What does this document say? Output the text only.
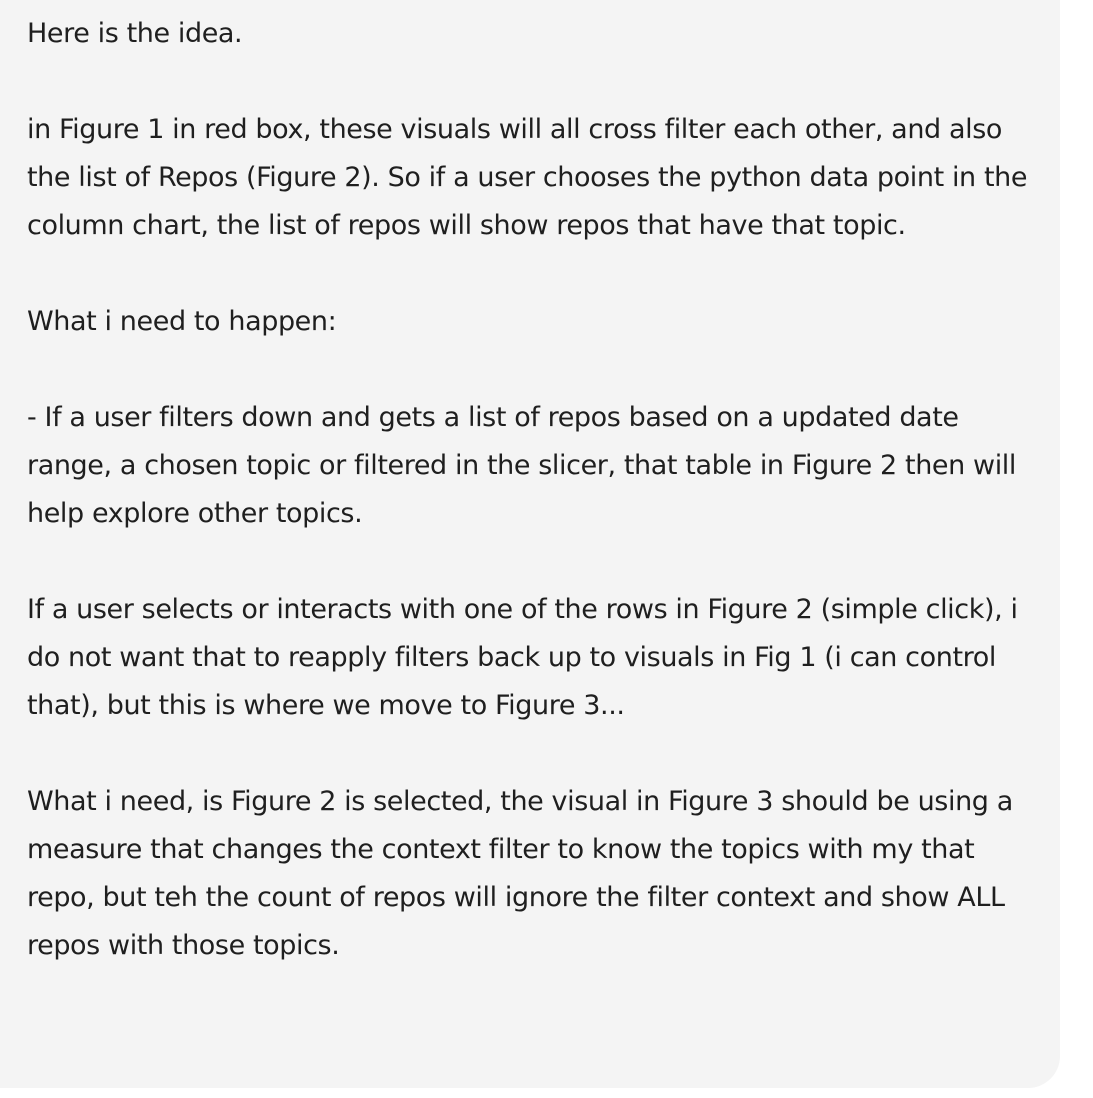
Here is the idea.

in Figure 1 in red box, these visuals will all cross filter each other, and also the list of Repos (Figure 2). So if a user chooses the python data point in the column chart, the list of repos will show repos that have that topic.

What i need to happen:

- If a user filters down and gets a list of repos based on a updated date range, a chosen topic or filtered in the slicer, that table in Figure 2 then will help explore other topics.

If a user selects or interacts with one of the rows in Figure 2 (simple click), i do not want that to reapply filters back up to visuals in Fig 1 (i can control that), but this is where we move to Figure 3...

What i need, is Figure 2 is selected, the visual in Figure 3 should be using a measure that changes the context filter to know the topics with my that repo, but teh the count of repos will ignore the filter context and show ALL repos with those topics.
